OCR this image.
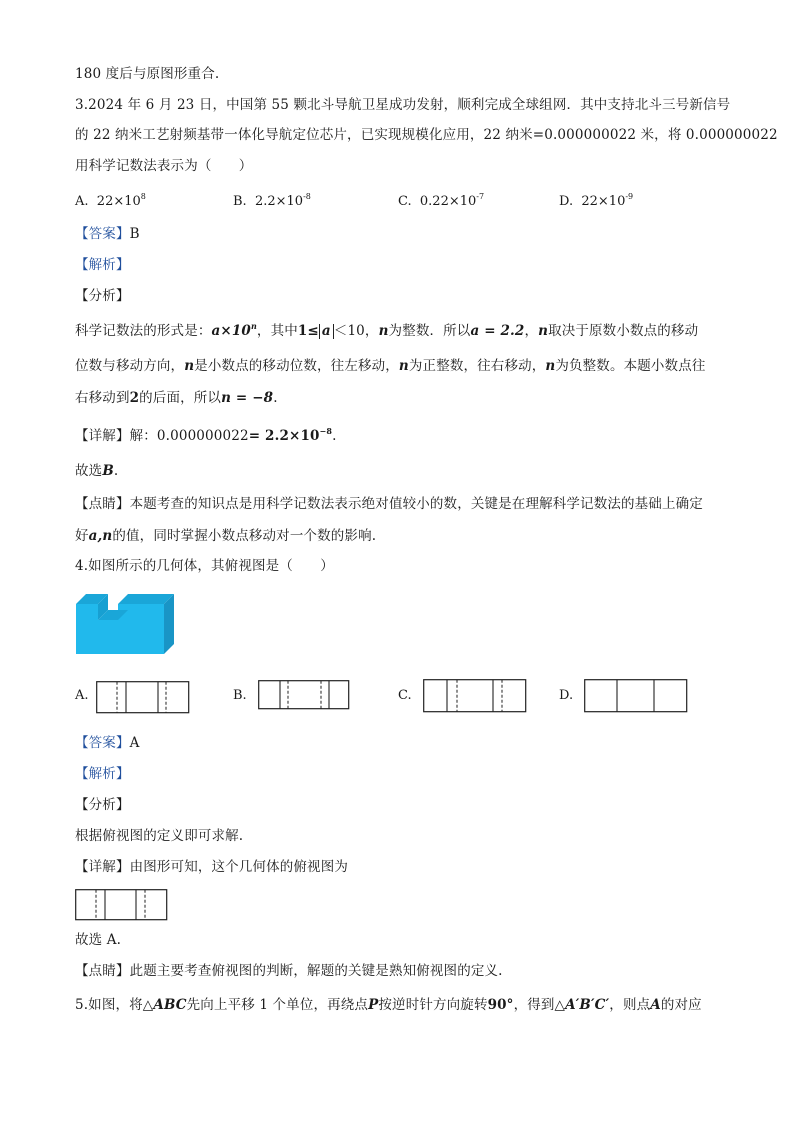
180 度后与原图形重合.
3.2024 年 6 月 23 日，中国第 55 颗北斗导航卫星成功发射，顺利完成全球组网．其中支持北斗三号新信号
的 22 纳米工艺射频基带一体化导航定位芯片，已实现规模化应用，22 纳米=0.000000022 米，将 0.000000022
用科学记数法表示为（　　）
A. $22\times 10^8$	B. $2.2\times 10^{-8}$	C. $0.22\times 10^{-7}$	D. $22\times 10^{-9}$
【答案】B
【解析】
【分析】
科学记数法的形式是：$a\times 10^n$，其中1≤ a ＜10，n为整数．所以a = 2.2，n取决于原数小数点的移动
位数与移动方向，n是小数点的移动位数，往左移动，n为正整数，往右移动，n为负整数。本题小数点往
右移动到2的后面，所以n = −8.
【详解】解：$0.000000022= 2.2\times 10^{-8}$.
故选B.
【点睛】本题考查的知识点是用科学记数法表示绝对值较小的数，关键是在理解科学记数法的基础上确定
好a,n的值，同时掌握小数点移动对一个数的影响.
4.如图所示的几何体，其俯视图是（　　）
A.	B.	C.	D.
【答案】A
【解析】
【分析】
根据俯视图的定义即可求解.
【详解】由图形可知，这个几何体的俯视图为
故选 A.
【点睛】此题主要考查俯视图的判断，解题的关键是熟知俯视图的定义.
5.如图，将△ABC先向上平移 1 个单位，再绕点P按逆时针方向旋转90°，得到△A′B′C′，则点A的对应
